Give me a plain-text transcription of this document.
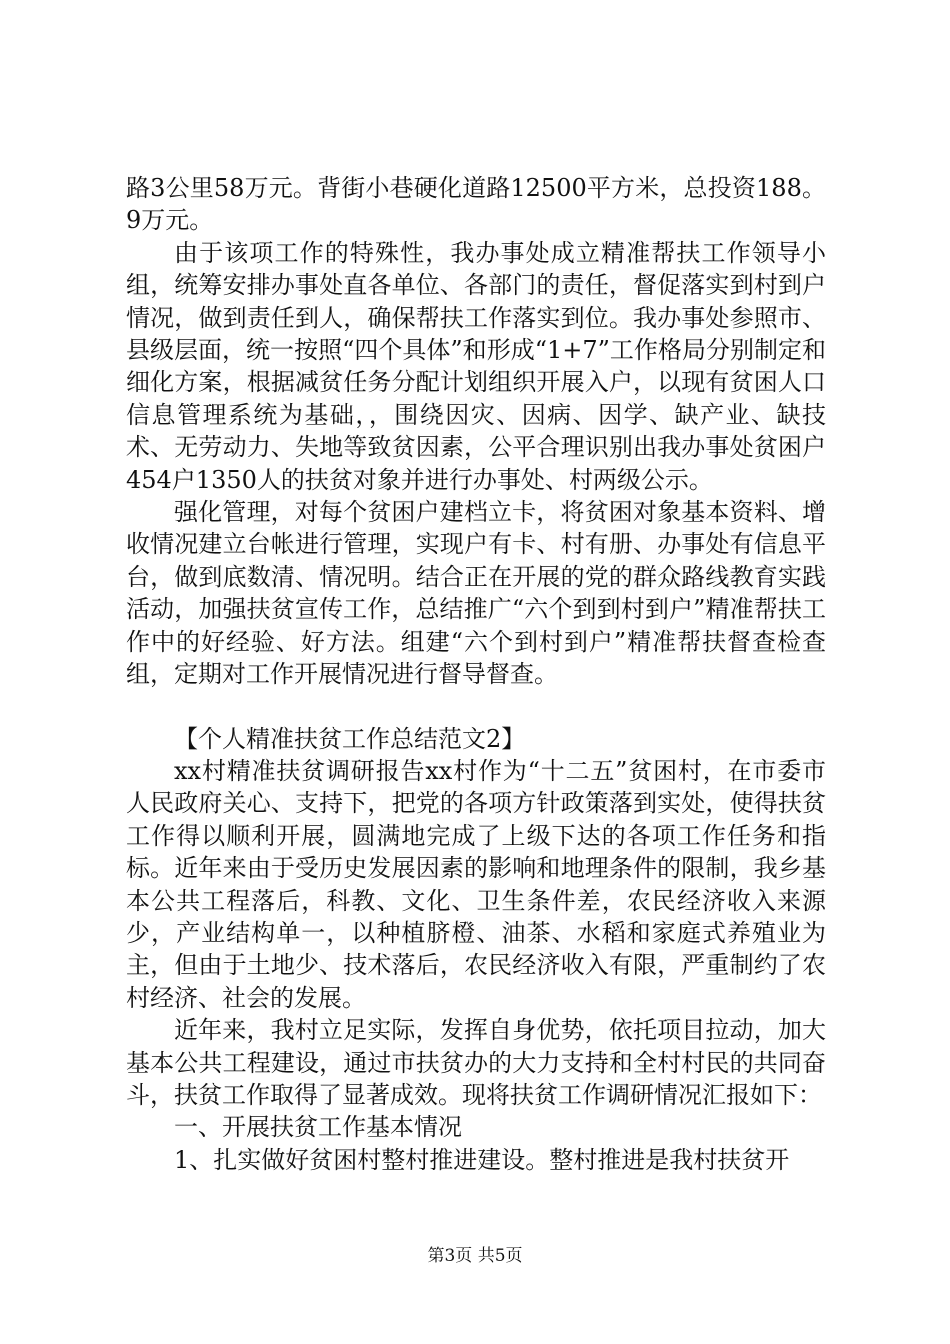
路3公里58万元。背街小巷硬化道路12500平方米，总投资188。9万元。

由于该项工作的特殊性，我办事处成立精准帮扶工作领导小组，统筹安排办事处直各单位、各部门的责任，督促落实到村到户情况，做到责任到人，确保帮扶工作落实到位。我办事处参照市、县级层面，统一按照“四个具体”和形成“1+7”工作格局分别制定和细化方案，根据减贫任务分配计划组织开展入户，以现有贫困人口信息管理系统为基础，，围绕因灾、因病、因学、缺产业、缺技术、无劳动力、失地等致贫因素，公平合理识别出我办事处贫困户454户1350人的扶贫对象并进行办事处、村两级公示。

强化管理，对每个贫困户建档立卡，将贫困对象基本资料、增收情况建立台帐进行管理，实现户有卡、村有册、办事处有信息平台，做到底数清、情况明。结合正在开展的党的群众路线教育实践活动，加强扶贫宣传工作，总结推广“六个到到村到户”精准帮扶工作中的好经验、好方法。组建“六个到村到户”精准帮扶督查检查组，定期对工作开展情况进行督导督查。

【个人精准扶贫工作总结范文2】

xx村精准扶贫调研报告xx村作为“十二五”贫困村，在市委市人民政府关心、支持下，把党的各项方针政策落到实处，使得扶贫工作得以顺利开展，圆满地完成了上级下达的各项工作任务和指标。近年来由于受历史发展因素的影响和地理条件的限制，我乡基本公共工程落后，科教、文化、卫生条件差，农民经济收入来源少，产业结构单一，以种植脐橙、油茶、水稻和家庭式养殖业为主，但由于土地少、技术落后，农民经济收入有限，严重制约了农村经济、社会的发展。

近年来，我村立足实际，发挥自身优势，依托项目拉动，加大基本公共工程建设，通过市扶贫办的大力支持和全村村民的共同奋斗，扶贫工作取得了显著成效。现将扶贫工作调研情况汇报如下：

一、开展扶贫工作基本情况

1、扎实做好贫困村整村推进建设。整村推进是我村扶贫开

第3页 共5页
